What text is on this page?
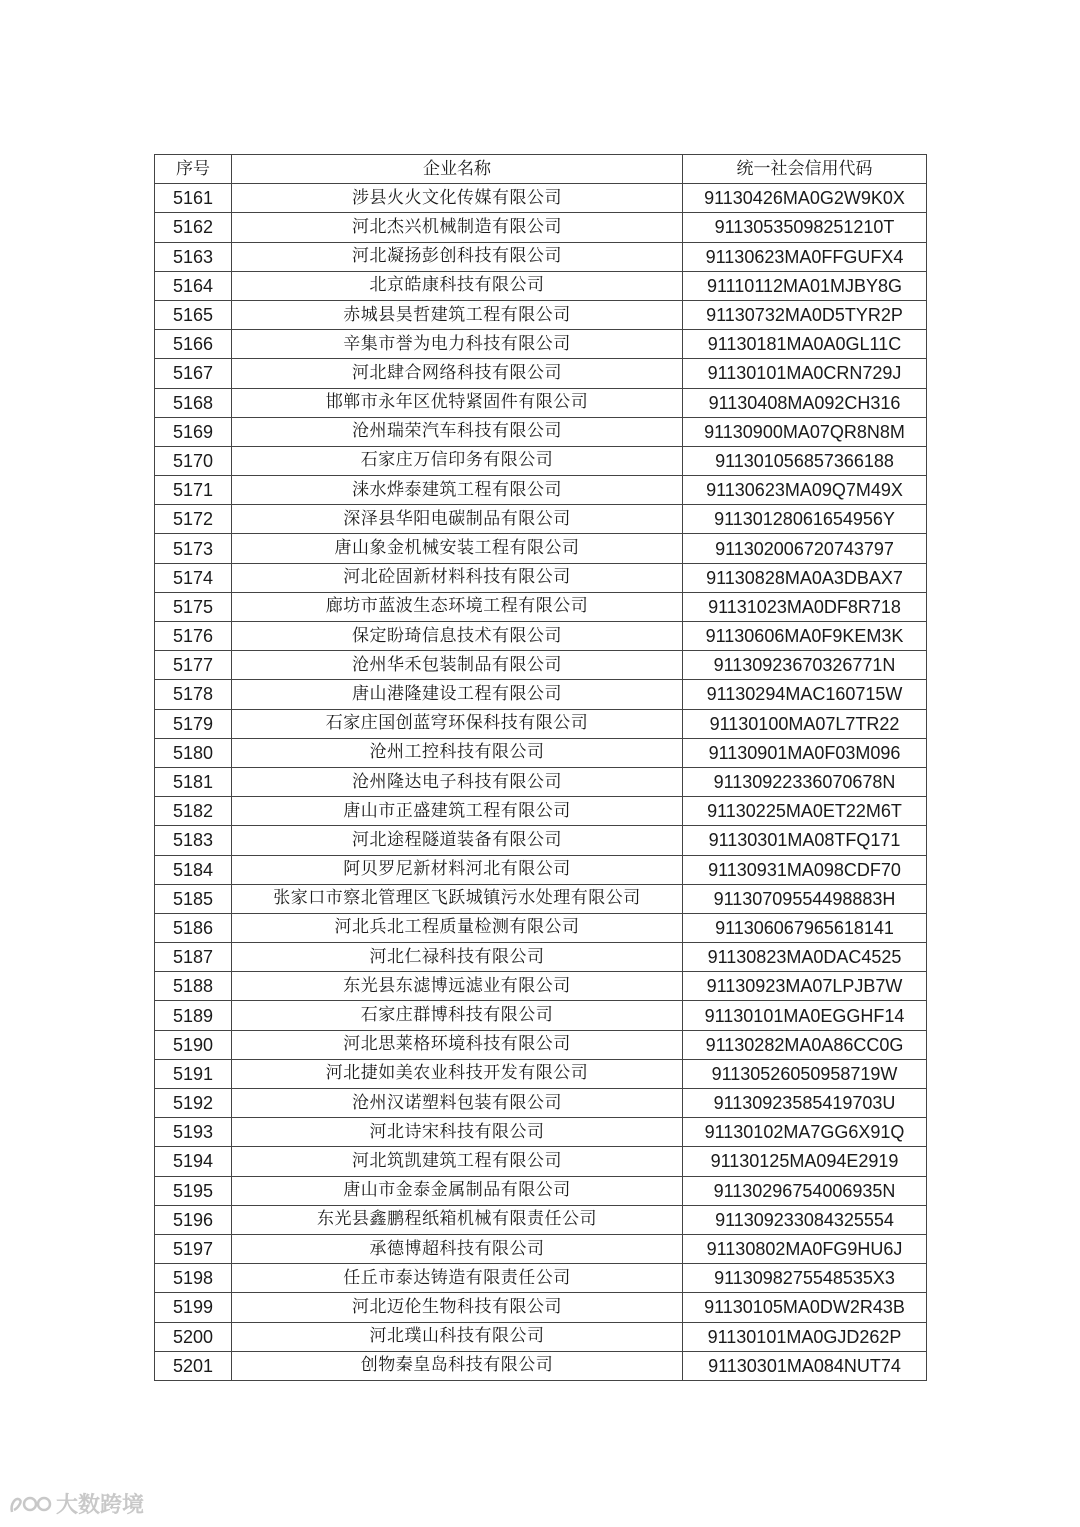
序号	企业名称	统一社会信用代码
5161	涉县火火文化传媒有限公司	91130426MA0G2W9K0X
5162	河北杰兴机械制造有限公司	91130535098251210T
5163	河北凝扬彭创科技有限公司	91130623MA0FFGUFX4
5164	北京皓康科技有限公司	91110112MA01MJBY8G
5165	赤城县昊哲建筑工程有限公司	91130732MA0D5TYR2P
5166	辛集市誉为电力科技有限公司	91130181MA0A0GL11C
5167	河北肆合网络科技有限公司	91130101MA0CRN729J
5168	邯郸市永年区优特紧固件有限公司	91130408MA092CH316
5169	沧州瑞荣汽车科技有限公司	91130900MA07QR8N8M
5170	石家庄万信印务有限公司	911301056857366188
5171	涞水烨泰建筑工程有限公司	91130623MA09Q7M49X
5172	深泽县华阳电碳制品有限公司	91130128061654956Y
5173	唐山象金机械安装工程有限公司	911302006720743797
5174	河北砼固新材料科技有限公司	91130828MA0A3DBAX7
5175	廊坊市蓝波生态环境工程有限公司	91131023MA0DF8R718
5176	保定盼琦信息技术有限公司	91130606MA0F9KEM3K
5177	沧州华禾包装制品有限公司	91130923670326771N
5178	唐山港隆建设工程有限公司	91130294MAC160715W
5179	石家庄国创蓝穹环保科技有限公司	91130100MA07L7TR22
5180	沧州工控科技有限公司	91130901MA0F03M096
5181	沧州隆达电子科技有限公司	91130922336070678N
5182	唐山市正盛建筑工程有限公司	91130225MA0ET22M6T
5183	河北途程隧道装备有限公司	91130301MA08TFQ171
5184	阿贝罗尼新材料河北有限公司	91130931MA098CDF70
5185	张家口市察北管理区飞跃城镇污水处理有限公司	91130709554498883H
5186	河北兵北工程质量检测有限公司	911306067965618141
5187	河北仁禄科技有限公司	91130823MA0DAC4525
5188	东光县东滤博远滤业有限公司	91130923MA07LPJB7W
5189	石家庄群博科技有限公司	91130101MA0EGGHF14
5190	河北思莱格环境科技有限公司	91130282MA0A86CC0G
5191	河北捷如美农业科技开发有限公司	91130526050958719W
5192	沧州汉诺塑料包装有限公司	91130923585419703U
5193	河北诗宋科技有限公司	91130102MA7GG6X91Q
5194	河北筑凯建筑工程有限公司	91130125MA094E2919
5195	唐山市金泰金属制品有限公司	91130296754006935N
5196	东光县鑫鹏程纸箱机械有限责任公司	911309233084325554
5197	承德博超科技有限公司	91130802MA0FG9HU6J
5198	任丘市泰达铸造有限责任公司	9113098275548535X3
5199	河北迈伦生物科技有限公司	91130105MA0DW2R43B
5200	河北璞山科技有限公司	91130101MA0GJD262P
5201	创物秦皇岛科技有限公司	91130301MA084NUT74
大数跨境
